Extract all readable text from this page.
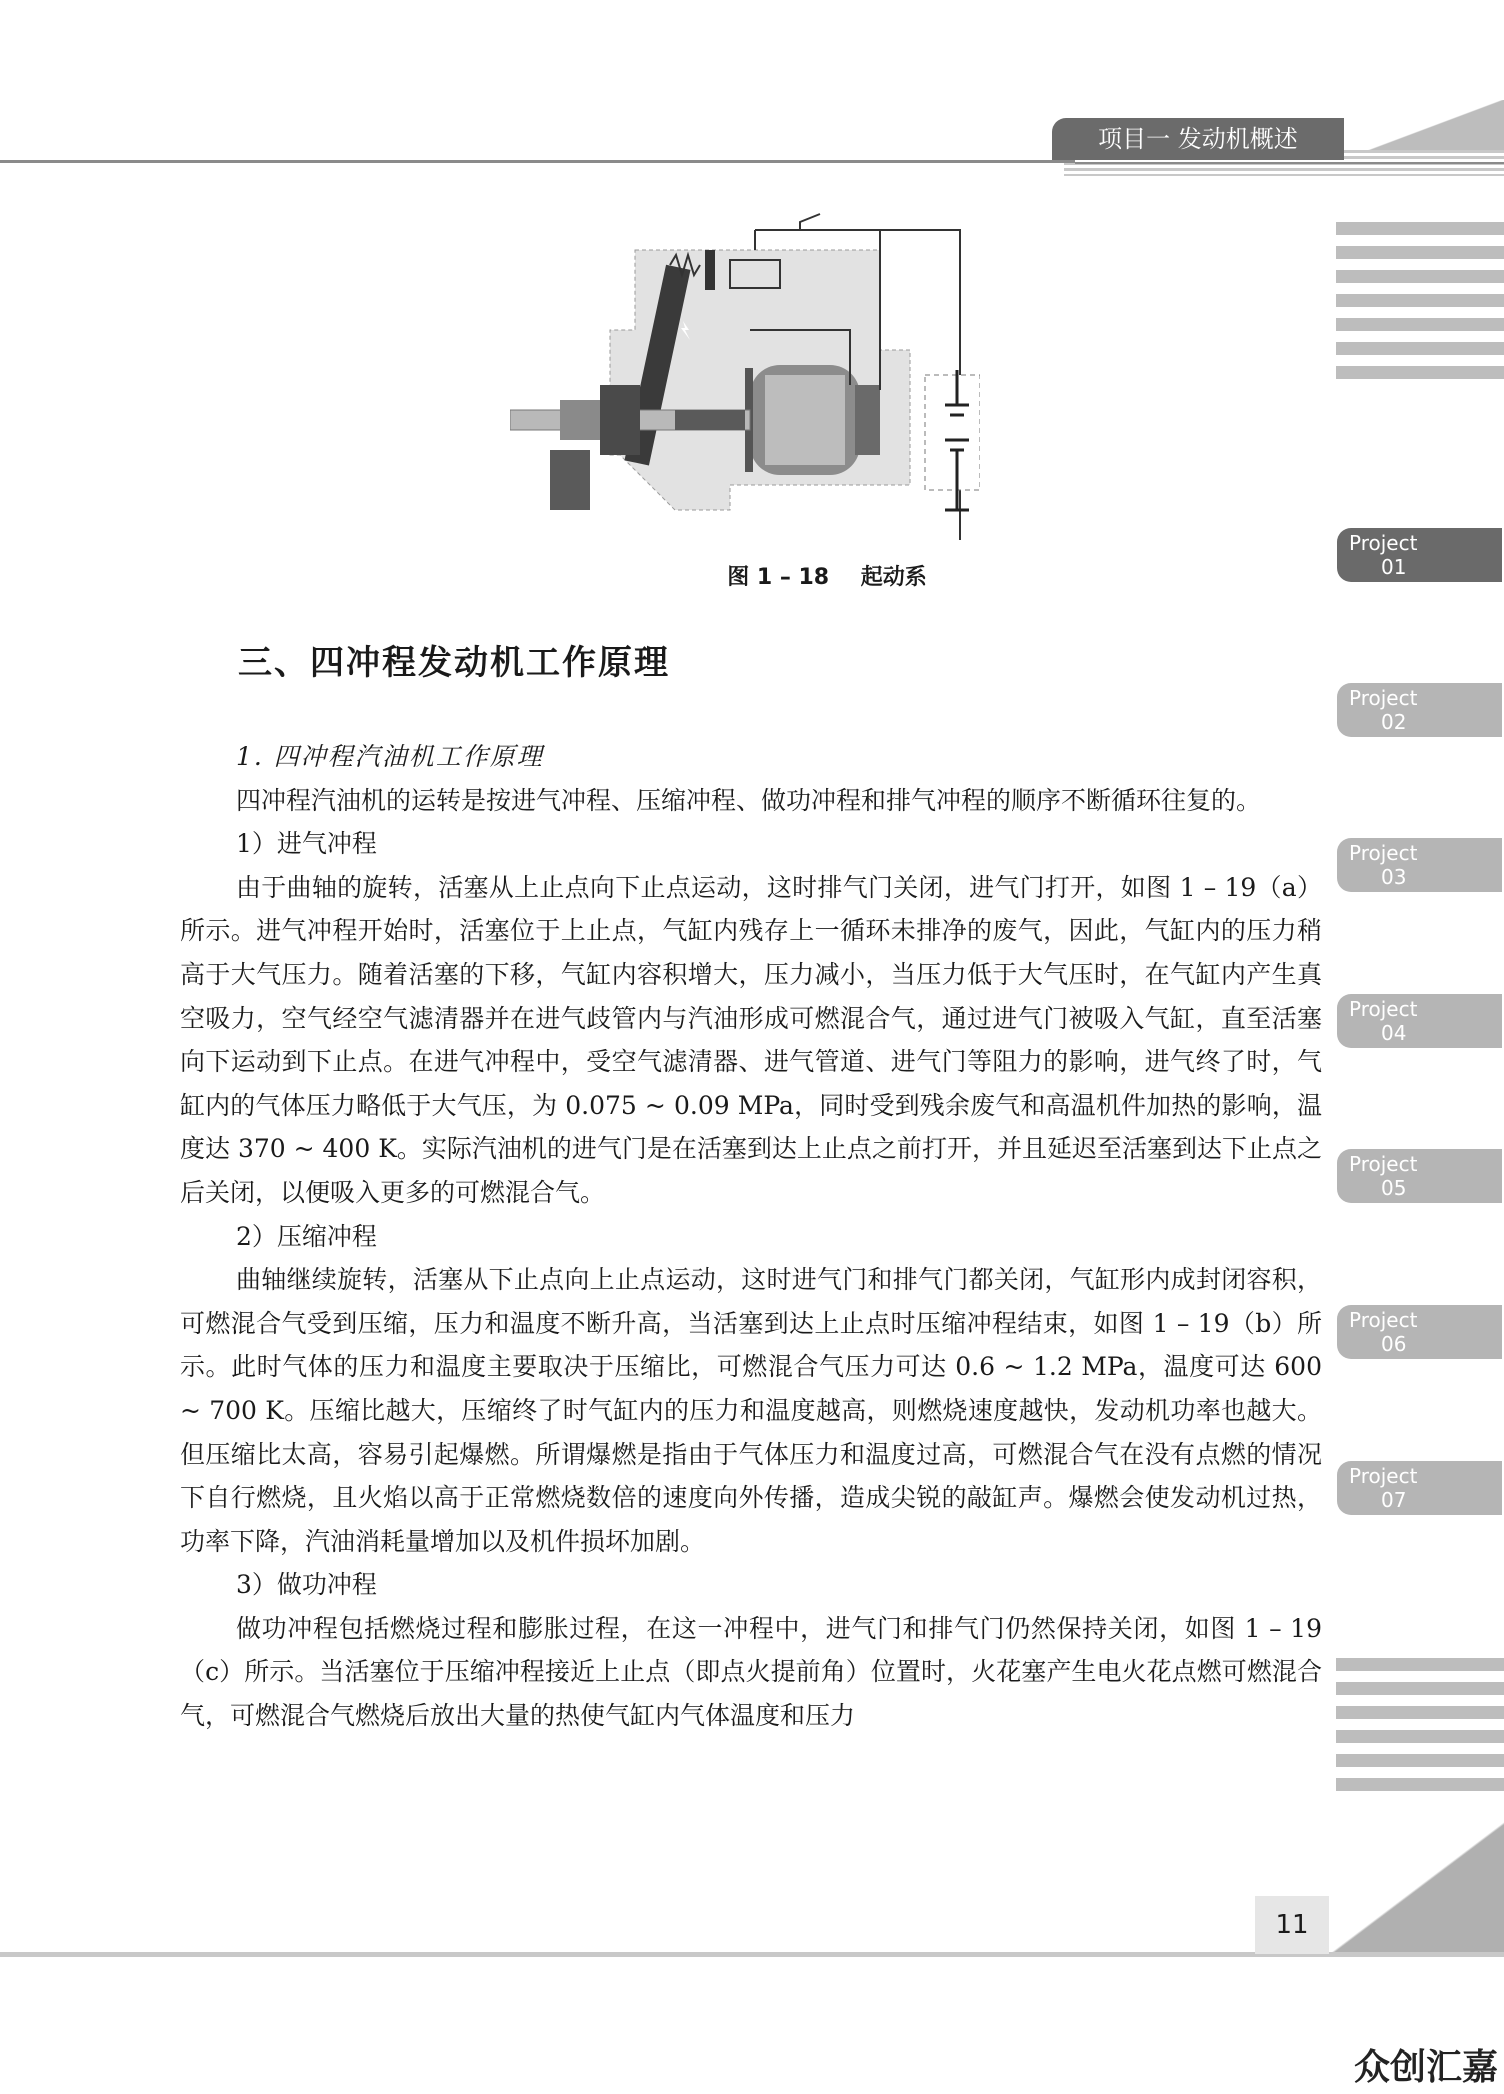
项目一 发动机概述
Project
01
Project
02
Project
03
Project
04
Project
05
Project
06
Project
07
图 1 – 18 起动系
三、四冲程发动机工作原理

1. 四冲程汽油机工作原理

四冲程汽油机的运转是按进气冲程、压缩冲程、做功冲程和排气冲程的顺序不断循环往复的。

1）进气冲程

由于曲轴的旋转，活塞从上止点向下止点运动，这时排气门关闭，进气门打开，如图 1 – 19（a）所示。进气冲程开始时，活塞位于上止点，气缸内残存上一循环未排净的废气，因此，气缸内的压力稍高于大气压力。随着活塞的下移，气缸内容积增大，压力减小，当压力低于大气压时，在气缸内产生真空吸力，空气经空气滤清器并在进气歧管内与汽油形成可燃混合气，通过进气门被吸入气缸，直至活塞向下运动到下止点。在进气冲程中，受空气滤清器、进气管道、进气门等阻力的影响，进气终了时，气缸内的气体压力略低于大气压，为 0.075 ~ 0.09 MPa，同时受到残余废气和高温机件加热的影响，温度达 370 ~ 400 K。实际汽油机的进气门是在活塞到达上止点之前打开，并且延迟至活塞到达下止点之后关闭，以便吸入更多的可燃混合气。

2）压缩冲程

曲轴继续旋转，活塞从下止点向上止点运动，这时进气门和排气门都关闭，气缸形内成封闭容积，可燃混合气受到压缩，压力和温度不断升高，当活塞到达上止点时压缩冲程结束，如图 1 – 19（b）所示。此时气体的压力和温度主要取决于压缩比，可燃混合气压力可达 0.6 ~ 1.2 MPa，温度可达 600 ~ 700 K。压缩比越大，压缩终了时气缸内的压力和温度越高，则燃烧速度越快，发动机功率也越大。但压缩比太高，容易引起爆燃。所谓爆燃是指由于气体压力和温度过高，可燃混合气在没有点燃的情况下自行燃烧，且火焰以高于正常燃烧数倍的速度向外传播，造成尖锐的敲缸声。爆燃会使发动机过热，功率下降，汽油消耗量增加以及机件损坏加剧。

3）做功冲程

做功冲程包括燃烧过程和膨胀过程，在这一冲程中，进气门和排气门仍然保持关闭，如图 1 – 19（c）所示。当活塞位于压缩冲程接近上止点（即点火提前角）位置时，火花塞产生电火花点燃可燃混合气，可燃混合气燃烧后放出大量的热使气缸内气体温度和压力

11
众创汇嘉
